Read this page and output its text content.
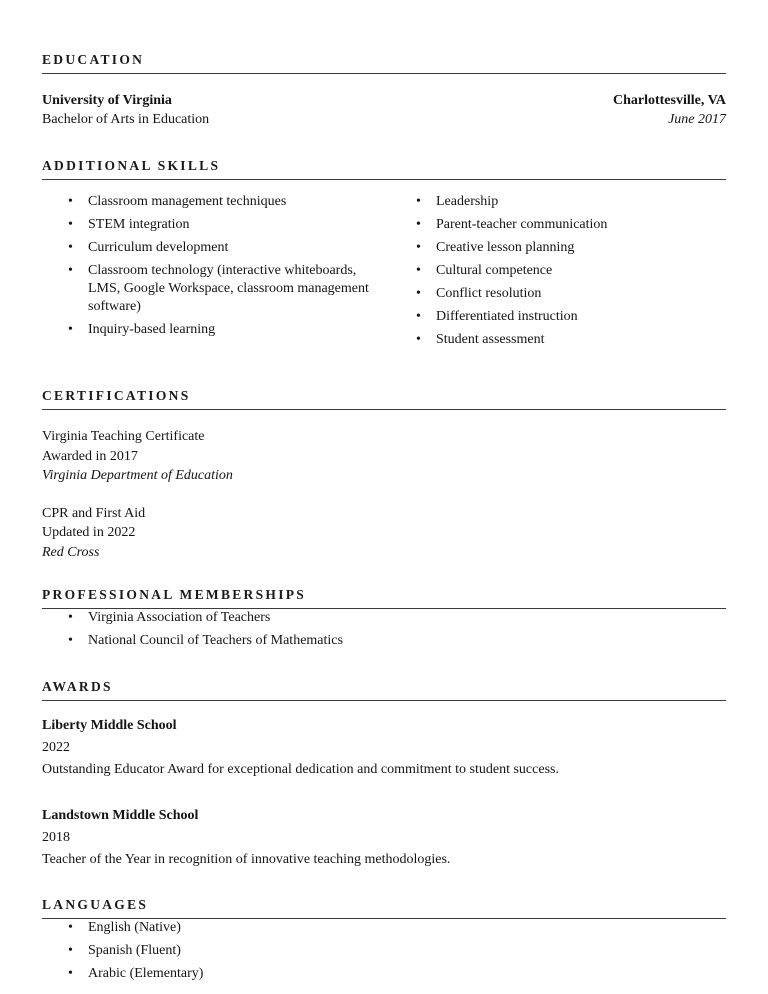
EDUCATION
University of Virginia	Charlottesville, VA
Bachelor of Arts in Education	June 2017
ADDITIONAL SKILLS
• Classroom management techniques
• STEM integration
• Curriculum development
• Classroom technology (interactive whiteboards, LMS, Google Workspace, classroom management software)
• Inquiry-based learning
• Leadership
• Parent-teacher communication
• Creative lesson planning
• Cultural competence
• Conflict resolution
• Differentiated instruction
• Student assessment
CERTIFICATIONS
Virginia Teaching Certificate
Awarded in 2017
Virginia Department of Education
CPR and First Aid
Updated in 2022
Red Cross
PROFESSIONAL MEMBERSHIPS
• Virginia Association of Teachers
• National Council of Teachers of Mathematics
AWARDS
Liberty Middle School
2022
Outstanding Educator Award for exceptional dedication and commitment to student success.
Landstown Middle School
2018
Teacher of the Year in recognition of innovative teaching methodologies.
LANGUAGES
• English (Native)
• Spanish (Fluent)
• Arabic (Elementary)
